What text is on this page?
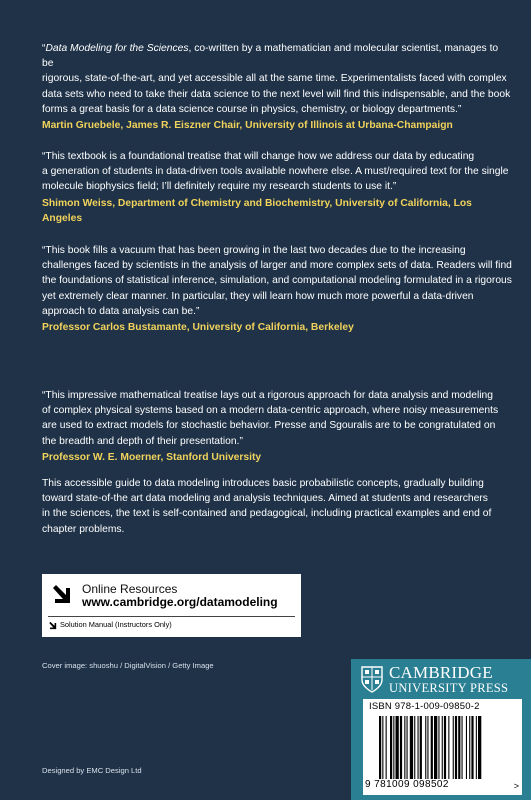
“Data Modeling for the Sciences, co-written by a mathematician and molecular scientist, manages to be

rigorous, state-of-the-art, and yet accessible all at the same time. Experimentalists faced with complex

data sets who need to take their data science to the next level will find this indispensable, and the book

forms a great basis for a data science course in physics, chemistry, or biology departments.”

Martin Gruebele, James R. Eiszner Chair, University of Illinois at Urbana-Champaign

“This textbook is a foundational treatise that will change how we address our data by educating

a generation of students in data-driven tools available nowhere else. A must/required text for the single

molecule biophysics field; I’ll definitely require my research students to use it.”

Shimon Weiss, Department of Chemistry and Biochemistry, University of California, Los Angeles

“This book fills a vacuum that has been growing in the last two decades due to the increasing

challenges faced by scientists in the analysis of larger and more complex sets of data. Readers will find

the foundations of statistical inference, simulation, and computational modeling formulated in a rigorous

yet extremely clear manner. In particular, they will learn how much more powerful a data-driven

approach to data analysis can be.”

Professor Carlos Bustamante, University of California, Berkeley

“This impressive mathematical treatise lays out a rigorous approach for data analysis and modeling

of complex physical systems based on a modern data-centric approach, where noisy measurements

are used to extract models for stochastic behavior. Presse and Sgouralis are to be congratulated on

the breadth and depth of their presentation.”

Professor W. E. Moerner, Stanford University

This accessible guide to data modeling introduces basic probabilistic concepts, gradually building

toward state-of-the art data modeling and analysis techniques. Aimed at students and researchers

in the sciences, the text is self-contained and pedagogical, including practical examples and end of

chapter problems.

Online Resources
www.cambridge.org/datamodeling
Solution Manual (Instructors Only)
Cover image: shuoshu / DigitalVision / Getty Image
Designed by EMC Design Ltd
CAMBRIDGE
UNIVERSITY PRESS
ISBN 978-1-009-09850-2
9 781009 098502	>
